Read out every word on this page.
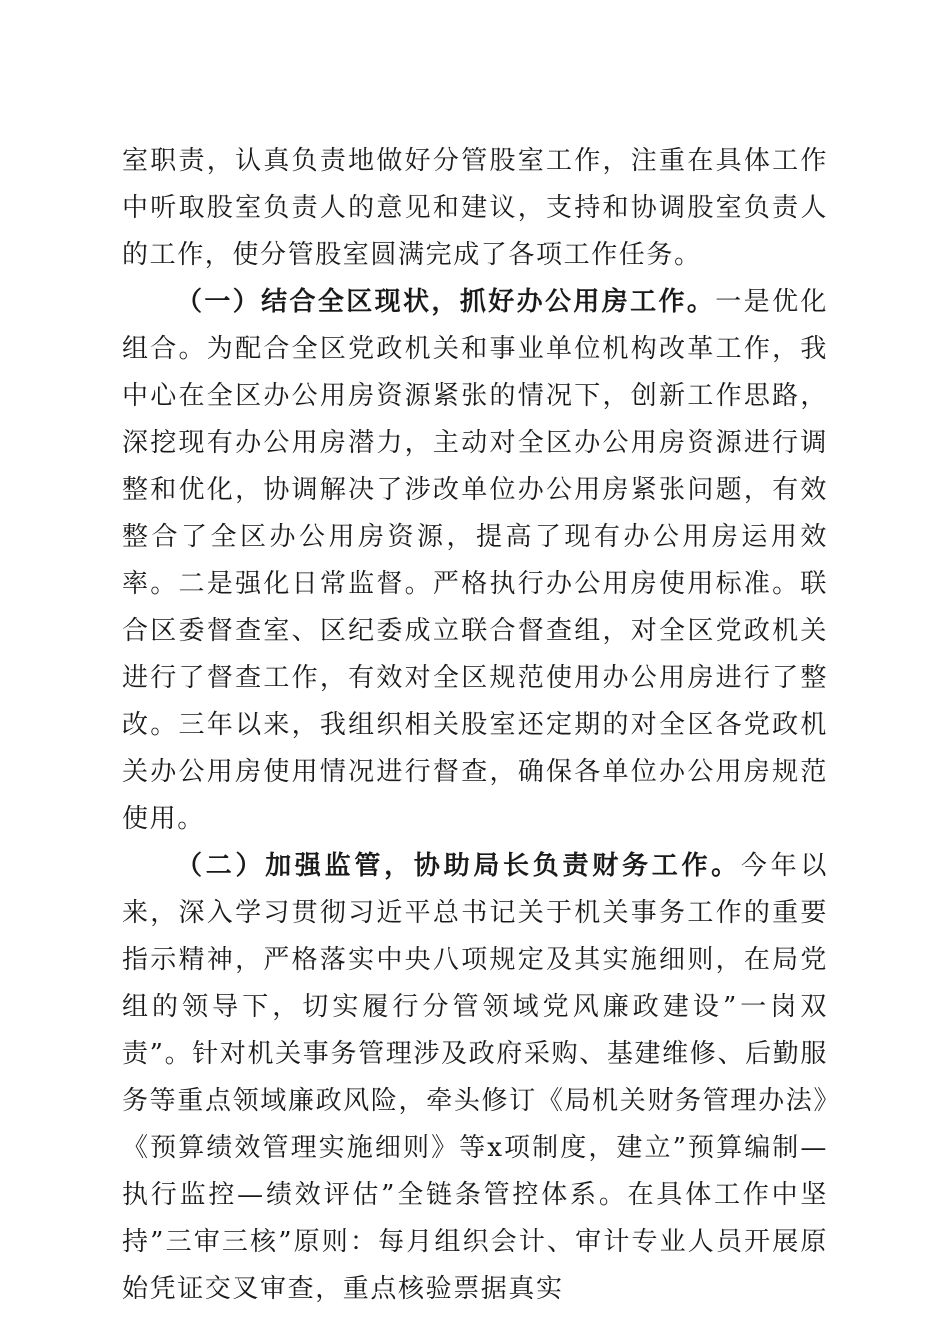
室职责，认真负责地做好分管股室工作，注重在具体工作中听取股室负责人的意见和建议，支持和协调股室负责人的工作，使分管股室圆满完成了各项工作任务。

（一）结合全区现状，抓好办公用房工作。一是优化组合。为配合全区党政机关和事业单位机构改革工作，我中心在全区办公用房资源紧张的情况下，创新工作思路，深挖现有办公用房潜力，主动对全区办公用房资源进行调整和优化，协调解决了涉改单位办公用房紧张问题，有效整合了全区办公用房资源，提高了现有办公用房运用效率。二是强化日常监督。严格执行办公用房使用标准。联合区委督查室、区纪委成立联合督查组，对全区党政机关进行了督查工作，有效对全区规范使用办公用房进行了整改。三年以来，我组织相关股室还定期的对全区各党政机关办公用房使用情况进行督查，确保各单位办公用房规范使用。

（二）加强监管，协助局长负责财务工作。今年以来，深入学习贯彻习近平总书记关于机关事务工作的重要指示精神，严格落实中央八项规定及其实施细则，在局党组的领导下，切实履行分管领域党风廉政建设”一岗双责”。针对机关事务管理涉及政府采购、基建维修、后勤服务等重点领域廉政风险，牵头修订《局机关财务管理办法》《预算绩效管理实施细则》等x项制度，建立”预算编制—执行监控—绩效评估”全链条管控体系。在具体工作中坚持”三审三核”原则：每月组织会计、审计专业人员开展原始凭证交叉审查，重点核验票据真实
